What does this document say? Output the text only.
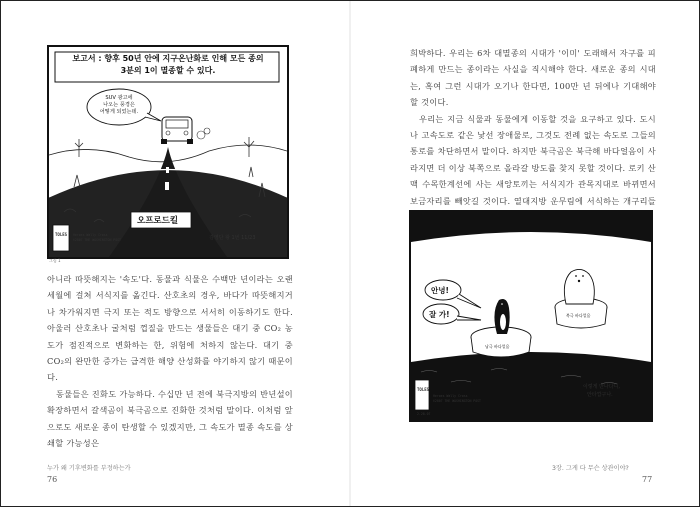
보고서 : 향후 50년 안에 지구온난화로 인해 모든 종의
3분의 1이 멸종할 수 있다.
SUV 광고에
나오는 풍경은
어떻게 되었는데.
오프로드킬
김영단 왕 1번 11/23
Heroes Wally Cross
©2007 THE WASHINGTON POST
TOLES
그림 1

아니라 따뜻해지는 '속도'다. 동물과 식물은 수백만 년이라는 오랜 세월에 걸쳐 서식지를 옮긴다. 산호초의 경우, 바다가 따뜻해지거나 차가워지면 극지 또는 적도 방향으로 서서히 이동하기도 한다. 아울러 산호초나 굴처럼 껍질을 만드는 생물들은 대기 중 CO₂ 농도가 점진적으로 변화하는 한, 위험에 처하지 않는다. 대기 중 CO₂의 완만한 증가는 급격한 해양 산성화를 야기하지 않기 때문이다.

동물들은 진화도 가능하다. 수십만 년 전에 북극지방의 반년설이 확장하면서 갈색곰이 북극곰으로 진화한 것처럼 말이다. 이처럼 앞으로도 새로운 종이 탄생할 수 있겠지만, 그 속도가 멸종 속도를 상쇄할 가능성은

누가 왜 기후변화를 부정하는가
76

희박하다. 우리는 6차 대멸종의 시대가 '이미' 도래해서 자구를 피폐하게 만드는 종이라는 사실을 직시해야 한다. 새로운 종의 시대는, 혹여 그런 시대가 오기나 한다면, 100만 년 뒤에나 기대해야 할 것이다.

우리는 지금 식물과 동물에게 이동할 것을 요구하고 있다. 도시나 고속도로 같은 낯선 장애물로, 그것도 전례 없는 속도로 그들의 통로를 차단하면서 말이다. 하지만 북극곰은 북극해 바다얼음이 사라지면 더 이상 북쪽으로 올라갈 방도를 찾지 못할 것이다. 로키 산맥 수목한계선에 사는 새앙토끼는 서식지가 관목지대로 바뀌면서 보금자리를 빼앗길 것이다. 열대지방 운무림에 서식하는 개구리들

안녕!
잘 가!
남극 바다얼음
북극 바다얼음
이렇게 만나다니,
안타깝구나.
Heroes Wally Cross
©2007 THE WASHINGTON POST
TOLES
2.28.07
3장. 그게 다 무슨 상관이야?
77
